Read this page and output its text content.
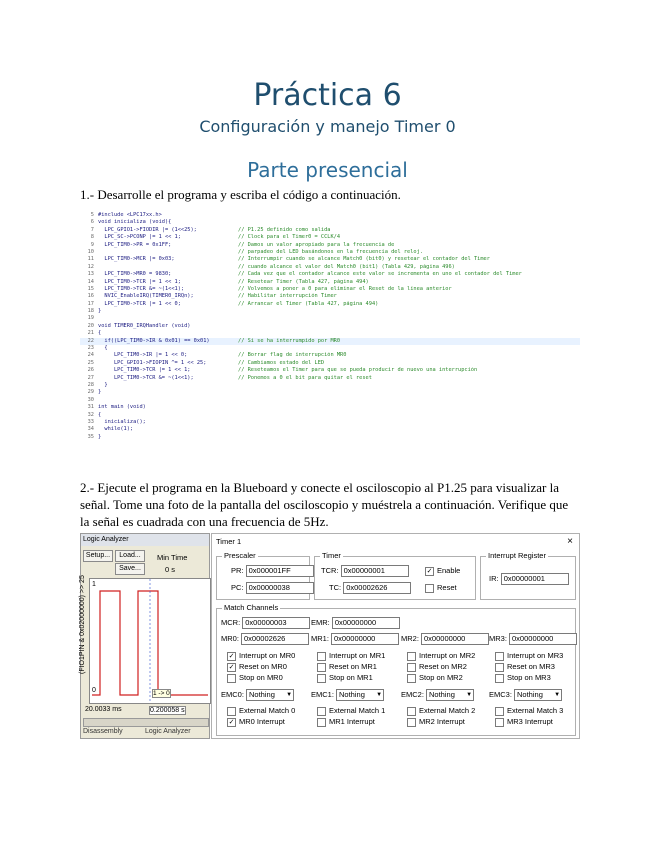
Práctica 6
Configuración y manejo Timer 0
Parte presencial
1.- Desarrolle el programa y escriba el código a continuación.
5 #include <LPC17xx.h>
6 void inicializa (void){
7 LPC_GPIO1->FIODIR |= (1<<25);	// P1.25 definido como salida
8 LPC_SC->PCONP |= 1 << 1;	// Clock para el Timer0 = CCLK/4
9 LPC_TIM0->PR = 0x1FF;	// Damos un valor apropiado para la frecuencia de
10	// parpadeo del LED basándonos en la frecuencia del reloj.
11 LPC_TIM0->MCR |= 0x03;	// Interrumpir cuando se alcance Match0 (bit0) y resetear el contador del Timer
12	// cuando alcance el valor del Match0 (bit1) (Tabla 429, página 496)
13 LPC_TIM0->MR0 = 9830;	// Cada vez que el contador alcance este valor se incrementa en uno el contador del Timer
14 LPC_TIM0->TCR |= 1 << 1;	// Resetear Timer (Tabla 427, página 494)
15 LPC_TIM0->TCR &= ~(1<<1);	// Volvemos a poner a 0 para eliminar el Reset de la línea anterior
16 NVIC_EnableIRQ(TIMER0_IRQn);	// Habilitar interrupción Timer
17 LPC_TIM0->TCR |= 1 << 0;	// Arrancar el Timer (Tabla 427, página 494)
18 }
19
20 void TIMER0_IRQHandler (void)
21 {
22 if((LPC_TIM0->IR & 0x01) == 0x01)	// Si se ha interrumpido por MR0
23 {
24 LPC_TIM0->IR |= 1 << 0;	// Borrar flag de interrupción MR0
25 LPC_GPIO1->FIOPIN ^= 1 << 25;	// Cambiamos estado del LED
26 LPC_TIM0->TCR |= 1 << 1;	// Reseteamos el Timer para que se pueda producir de nuevo una interrupción
27 LPC_TIM0->TCR &= ~(1<<1);	// Ponemos a 0 el bit para quitar el reset
28 }
29 }
30
31 int main (void)
32 {
33 inicializa();
34 while(1);
35 }
2.- Ejecute el programa en la Blueboard y conecte el osciloscopio al P1.25 para visualizar la señal. Tome una foto de la pantalla del osciloscopio y muéstrela a continuación. Verifique que la señal es cuadrada con una frecuencia de 5Hz.
Logic Analyzer
Setup...	Load...
Save...
Min Time
0 s
(FIO1PIN & 0x02000000) >> 25 1
0	1 -> 0
20.0033 ms	0.200058 s
Disassembly	Logic Analyzer
Timer 1	×
Prescaler
PR: 0x000001FF
PC: 0x00000038
Timer
TCR: 0x00000001
TC: 0x00002626
✓ Enable
Reset
Interrupt Register
IR: 0x00000001
Match Channels
MCR: 0x00000003	EMR: 0x00000000
MR0: 0x00002626	MR1: 0x00000000	MR2: 0x00000000	MR3: 0x00000000
✓ Interrupt on MR0	Interrupt on MR1	Interrupt on MR2	Interrupt on MR3
✓ Reset on MR0	Reset on MR1	Reset on MR2	Reset on MR3
Stop on MR0	Stop on MR1	Stop on MR2	Stop on MR3
EMC0: Nothing ▼	EMC1: Nothing ▼	EMC2: Nothing ▼ EMC3: Nothing ▼
External Match 0	External Match 1	External Match 2	External Match 3
✓ MR0 Interrupt	MR1 Interrupt	MR2 Interrupt	MR3 Interrupt
